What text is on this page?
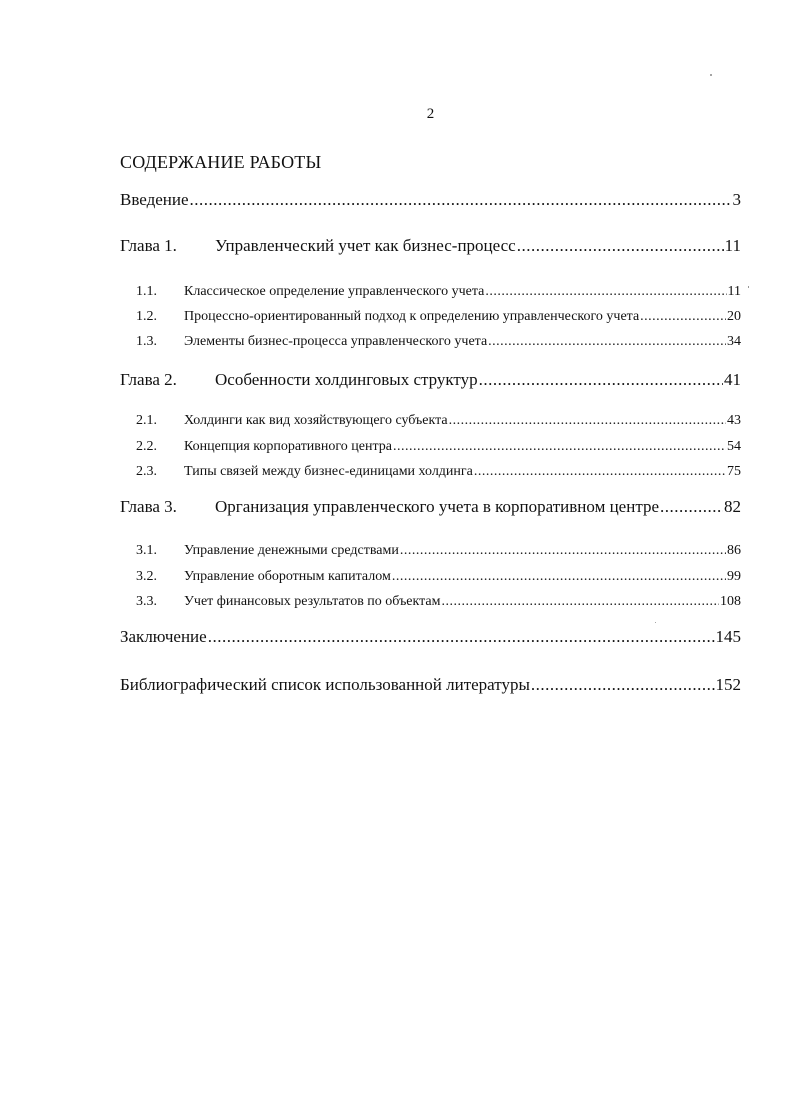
2
СОДЕРЖАНИЕ РАБОТЫ
Введение .....	3
Глава 1.	Управленческий учет как бизнес-процесс .....	11
1.1.	Классическое определение управленческого учета .....	11
1.2.	Процессно-ориентированный подход к определению управленческого учета .....	20
1.3.	Элементы бизнес-процесса управленческого учета .....	34
Глава 2.	Особенности холдинговых структур .....	41
2.1.	Холдинги как вид хозяйствующего субъекта .....	43
2.2.	Концепция корпоративного центра .....	54
2.3.	Типы связей между бизнес-единицами холдинга .....	75
Глава 3.	Организация управленческого учета в корпоративном центре .....	82
3.1.	Управление денежными средствами .....	86
3.2.	Управление оборотным капиталом .....	99
3.3.	Учет финансовых результатов по объектам .....	108
Заключение .....	145
Библиографический список использованной литературы .....	152
